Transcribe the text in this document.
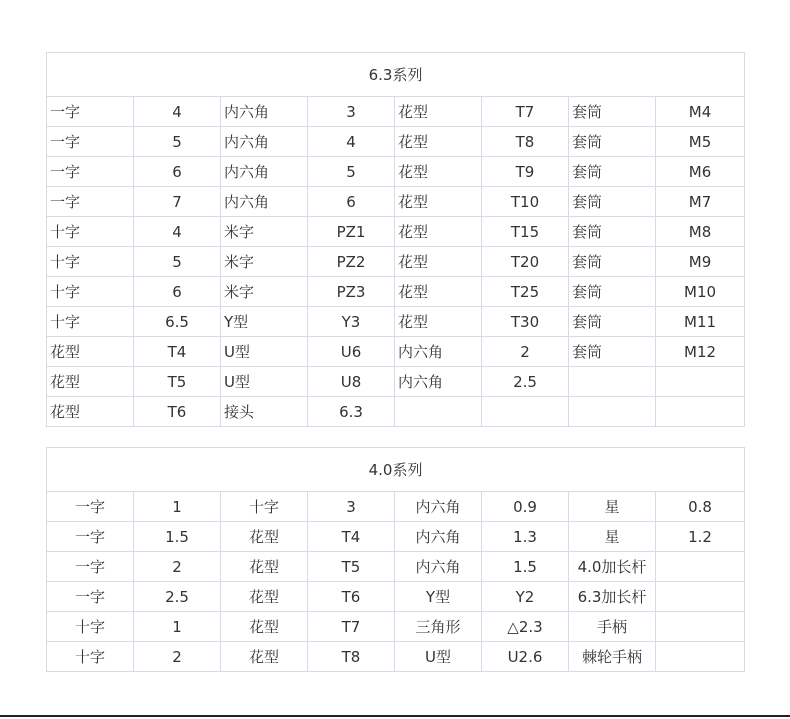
6.3系列							
一字	4	内六角	3	花型	T7	套筒	M4
一字	5	内六角	4	花型	T8	套筒	M5
一字	6	内六角	5	花型	T9	套筒	M6
一字	7	内六角	6	花型	T10	套筒	M7
十字	4	米字	PZ1	花型	T15	套筒	M8
十字	5	米字	PZ2	花型	T20	套筒	M9
十字	6	米字	PZ3	花型	T25	套筒	M10
十字	6.5	Y型	Y3	花型	T30	套筒	M11
花型	T4	U型	U6	内六角	2	套筒	M12
花型	T5	U型	U8	内六角	2.5		
花型	T6	接头	6.3				
4.0系列							
一字	1	十字	3	内六角	0.9	星	0.8
一字	1.5	花型	T4	内六角	1.3	星	1.2
一字	2	花型	T5	内六角	1.5	4.0加长杆	
一字	2.5	花型	T6	Y型	Y2	6.3加长杆	
十字	1	花型	T7	三角形	△2.3	手柄	
十字	2	花型	T8	U型	U2.6	棘轮手柄	
